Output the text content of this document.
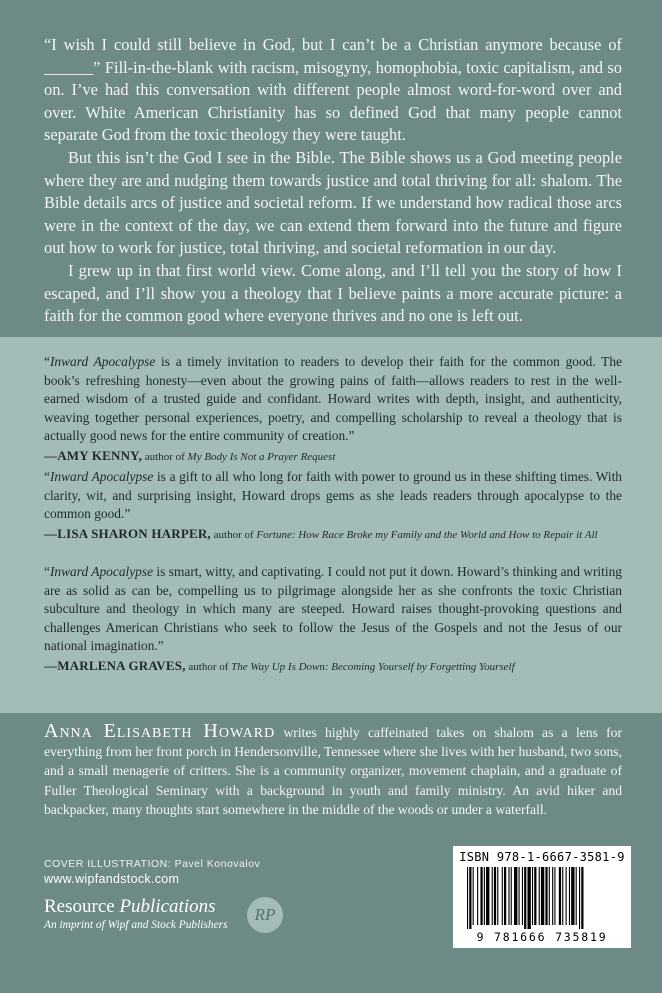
“I wish I could still believe in God, but I can’t be a Christian anymore because of ______” Fill-in-the-blank with racism, misogyny, homophobia, toxic capitalism, and so on. I’ve had this conversation with different people almost word-for-word over and over. White American Christianity has so defined God that many people cannot separate God from the toxic theology they were taught.

But this isn’t the God I see in the Bible. The Bible shows us a God meeting people where they are and nudging them towards justice and total thriving for all: shalom. The Bible details arcs of justice and societal reform. If we understand how radical those arcs were in the context of the day, we can extend them forward into the future and figure out how to work for justice, total thriving, and societal reformation in our day.

I grew up in that first world view. Come along, and I’ll tell you the story of how I escaped, and I’ll show you a theology that I believe paints a more accurate picture: a faith for the common good where everyone thrives and no one is left out.

“Inward Apocalypse is a timely invitation to readers to develop their faith for the common good. The book’s refreshing honesty—even about the growing pains of faith—allows readers to rest in the well-earned wisdom of a trusted guide and confidant. Howard writes with depth, insight, and authenticity, weaving together personal experiences, poetry, and compelling scholarship to reveal a theology that is actually good news for the entire community of creation.”

—AMY KENNY, author of My Body Is Not a Prayer Request

“Inward Apocalypse is a gift to all who long for faith with power to ground us in these shifting times. With clarity, wit, and surprising insight, Howard drops gems as she leads readers through apocalypse to the common good.”

—LISA SHARON HARPER, author of Fortune: How Race Broke my Family and the World and How to Repair it All

“Inward Apocalypse is smart, witty, and captivating. I could not put it down. Howard’s thinking and writing are as solid as can be, compelling us to pilgrimage alongside her as she confronts the toxic Christian subculture and theology in which many are steeped. Howard raises thought-provoking questions and challenges American Christians who seek to follow the Jesus of the Gospels and not the Jesus of our national imagination.”

—MARLENA GRAVES, author of The Way Up Is Down: Becoming Yourself by Forgetting Yourself

Anna Elisabeth Howard writes highly caffeinated takes on shalom as a lens for everything from her front porch in Hendersonville, Tennessee where she lives with her husband, two sons, and a small menagerie of critters. She is a community organizer, movement chaplain, and a graduate of Fuller Theological Seminary with a background in youth and family ministry. An avid hiker and backpacker, many thoughts start somewhere in the middle of the woods or under a waterfall.
COVER ILLUSTRATION: Pavel Konovalov
www.wipfandstock.com
Resource Publications
An imprint of Wipf and Stock Publishers
RP
ISBN 978-1-6667-3581-9
9 781666 735819
